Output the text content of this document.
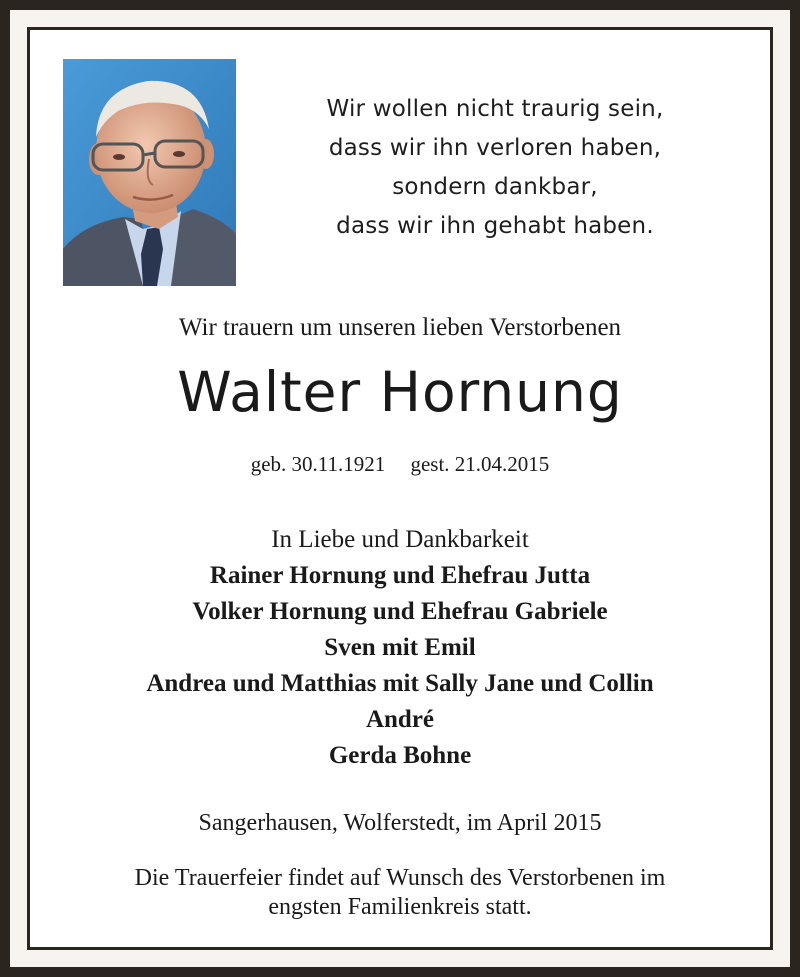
Wir wollen nicht traurig sein,
dass wir ihn verloren haben,
sondern dankbar,
dass wir ihn gehabt haben.
Wir trauern um unseren lieben Verstorbenen
Walter Hornung
geb. 30.11.1921 gest. 21.04.2015
In Liebe und Dankbarkeit
Rainer Hornung und Ehefrau Jutta
Volker Hornung und Ehefrau Gabriele
Sven mit Emil
Andrea und Matthias mit Sally Jane und Collin
André
Gerda Bohne
Sangerhausen, Wolferstedt, im April 2015
Die Trauerfeier findet auf Wunsch des Verstorbenen im
engsten Familienkreis statt.
